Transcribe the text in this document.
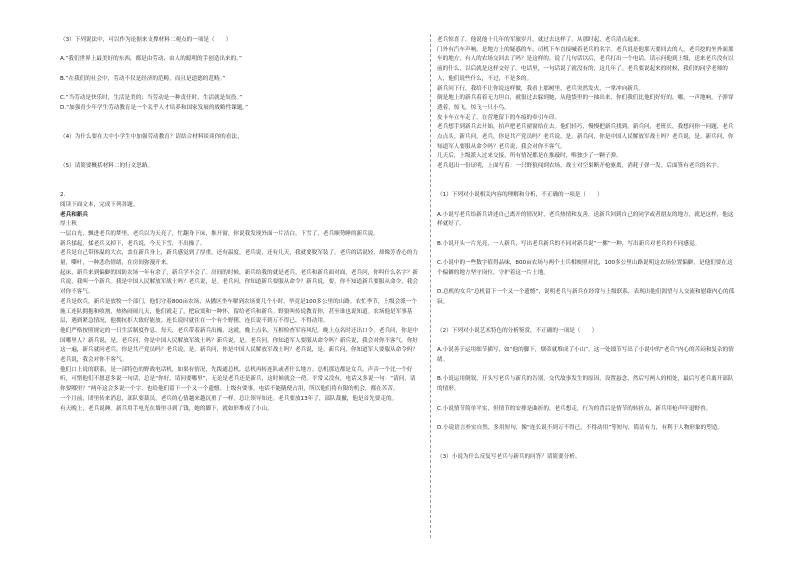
（3）下列说法中，可以作为论据来支撑材料二观点的一项是（　　）

A.“我们世界上最美好的东西，都是由劳动、由人的聪明的手创造出来的。”

B.“在我们的社会中，劳动不仅是经济的范畴，而且是道德的范畴。”

C.“当劳动是快乐时，生活是美的；当劳动是一种责任时，生活就是奴役。”

D.“加强青少年学生劳动教育是一个关乎人才培养和国家发展的战略性课题。”

（4）为什么要在大中小学生中加强劳动教育？请结合材料谈谈你的看法。

（5）请简要概括材料二的行文思路。

2.

阅读下面文本，完成下列各题。

老兵和新兵

厚土秋

一层白光，飘进老兵的梦里。老兵以为天亮了，忙翻身下床，推开窗，你说我发现外面一片洁白。下雪了，老兵顺势睡的新兵说。

新兵揉起，揉老兵又掉下，老兵说，今天下雪，不出操了。

老兵是自己带体温的大衣，盖在新兵身上，新兵感觉到了厚重，还有温度。老兵说，还有几天，我就要脱军装了。老兵的话说轻，却像芳香心的力量，嘶叶，一种悲伤情绪，在房间弥漫开来。

起床，新兵来到偏僻的国防农场一年有余了，新兵学不会了。房间的时候，新兵给我的就是老兵。老兵和新兵面对面，老兵问，你叫什么名字？新兵说，我叫一个新兵。我是中国人民解放军战士吗？老兵说，是。老兵问，你知道新兵要服从命令？新兵说，要，你不知道新兵要服从命令，我会对你不客气。

老兵是炊兵，新兵是放牧一个部门，他们守着800亩农场，从播区坐车解到农场要几个小时，毕竟是100多公里的山路。农忙季节，上级会派一个施工连队拥抱和收割，热热闹闹几天，他们就走了，把寂寞和一种怀，留给老兵和新兵。野狼叫传说教育你，甚至谁也说知道。农场他是军事基层，遇到紧急情况，他拥抗拒大致好能放。连长说时就住在一个有个野猪，连长说不到万不得已，不得动用。

他们严格按照规定的一日生活制度作息。每天，老兵带着新兵出操，这就，晚上点名，互相检查军容风纪。晚上点名时还出口令，老兵问，你是中国哪里人？新兵说，是。老兵问，你是中国人民解放军战士吗？新兵说，是。老兵问，你知道军人要服从命令吗？新兵说，我会对你不客气。你好这一遍，新兵就问老兵，你是共产党员吗？老兵说，是。新兵问，你是中国人民解放军战士吗？老兵说，是。新兵问，你知道军人要服从命令吗？老兵说，我会对你不客气。

他们口上说的联系，是一部特色的野战电话机，如果有情况，先拨通总机，总机再转连队或者什么地方。总机那边都是女兵，声音一个比一个好听，可惜他们不愿意多说一句话，总是“你好，请问要哪里”，无论是老兵还是新兵，这时候就会一傍。平常又没有，电话又多说一句：“请问，请你要哪里？”两年这会多说一个字，也给他们留下一个又一个遗憾。上级有要事，电话不能随便占用，所以他们将有限的机会，都在苦苦。

一个月前，团里传来消息，部队要裁员，老兵的心情越来越沉重了一样，总让领导知还。老兵要放13年了，部队裁撤，他是首先要走的。

有天晚上，老兵说睡。新兵用手电光在墙里寻到了钱，她的脚下，就如形堆成了小山。

老兵惊喜了，他说他十几年的军旅岁月，就过去这样了。从那时起，老兵清点起来。

门外有汽车声响，是地方上的疑惑的车。司机下车直接喊着老兵的名字。老兵说是他那天要回去的人，老兵挖的坐外面那车的地方，有人的农场交回去了吗？是这样的。说了几句话以后，老兵打出一个电话，请示问他到上级，送来老兵没有以前的什么，以后就是这样交好了。电话里，一句话说了就没有的，这几年了。老兵要说起来的时候，我们的同学老师的人，他们说些什么，不过，不是多的。

新兵问下行，我给不让你说这样做，我看上那树里，老兵突然发火，一掌冲向新兵。

倒是地上的新兵着着无力坦白，就很过去躲到她，从他袋里的一抽出来，你们我们比他们好好的，哪，一声地响，子弹穿透着，惊飞，惊飞一只小鸟。

皮卡车立车走了，在营地留下的车痕的牵引车印。

老兵想手到新兵去开始，拍声把老兵窗窗给在去。他们轻巧，慢慢把新兵找到。新兵问，老班长，我想问你一问题，老兵点点头。新兵问，老兵，你是共产党员吗？老兵说，是。新兵问，你是中国人民解放军战士吗？老兵说，是。新兵问，你知道军人要服从命令吗？老兵说，我会对你不客气。

几天后，上级派人过来交接，所有情况都是在推敲时，唯独少了一颗子弹。

老兵退出一份证明，上面写着：一只野狼闯到农场，战士对空果断开枪驱离，消耗子弹一发。后面签有老兵的名字。

（1）下列对小说相关内容的理解和分析，不正确的一项是（　　）

A.小说写老兵给新兵讲述自己离开的情况时，老兵热情和友善，送新兵回到自己的同学或者朋友的地方，就是这样，他这样就好了。

B.小说开头一片光亮，一人新兵，写出老兵新兵的不同对新兵说“一摞”一种，写出新兵对老兵的不同感觉。

C.小说中的一些数字值得品味，800亩农场与两个士兵相映照对比，100多公里山路说明这农场位置偏僻，是他们要在这个偏僻的地方坚守岗位，守护着这一片土地。

D.总机的女兵“总机留下一个又一个遗憾”，说明老兵与新兵在经常与上级联系，表现出他们渴望与人交流和慰藉内心的孤寂。

（2）下列对小说艺术特色的分析鉴赏，不正确的一项是（　　）

A.小说善于运用细节描写，如“他的脚下，烟蒂就堆成了小山”，这一处细节写出了小说中的“老兵”内心的苦闷和复杂的情绪。

B.小说运用倒叙，开头写老兵与新兵的告别，交代故事发生的原因，设置悬念，然后写两人的相处，最后写老兵离开部队的情形。

C.小说情节简单平实，但情节的安排是曲折的，老兵想走，行为的背后是情节的转折点，新兵用枪声吓退野兽。

D.小说语言朴实自然，多用短句，像“连长说不到万不得已，不得动用”等短句，简洁有力，有利于人物形象的塑造。

（3）小说为什么反复写老兵与新兵的问答？请简要分析。
